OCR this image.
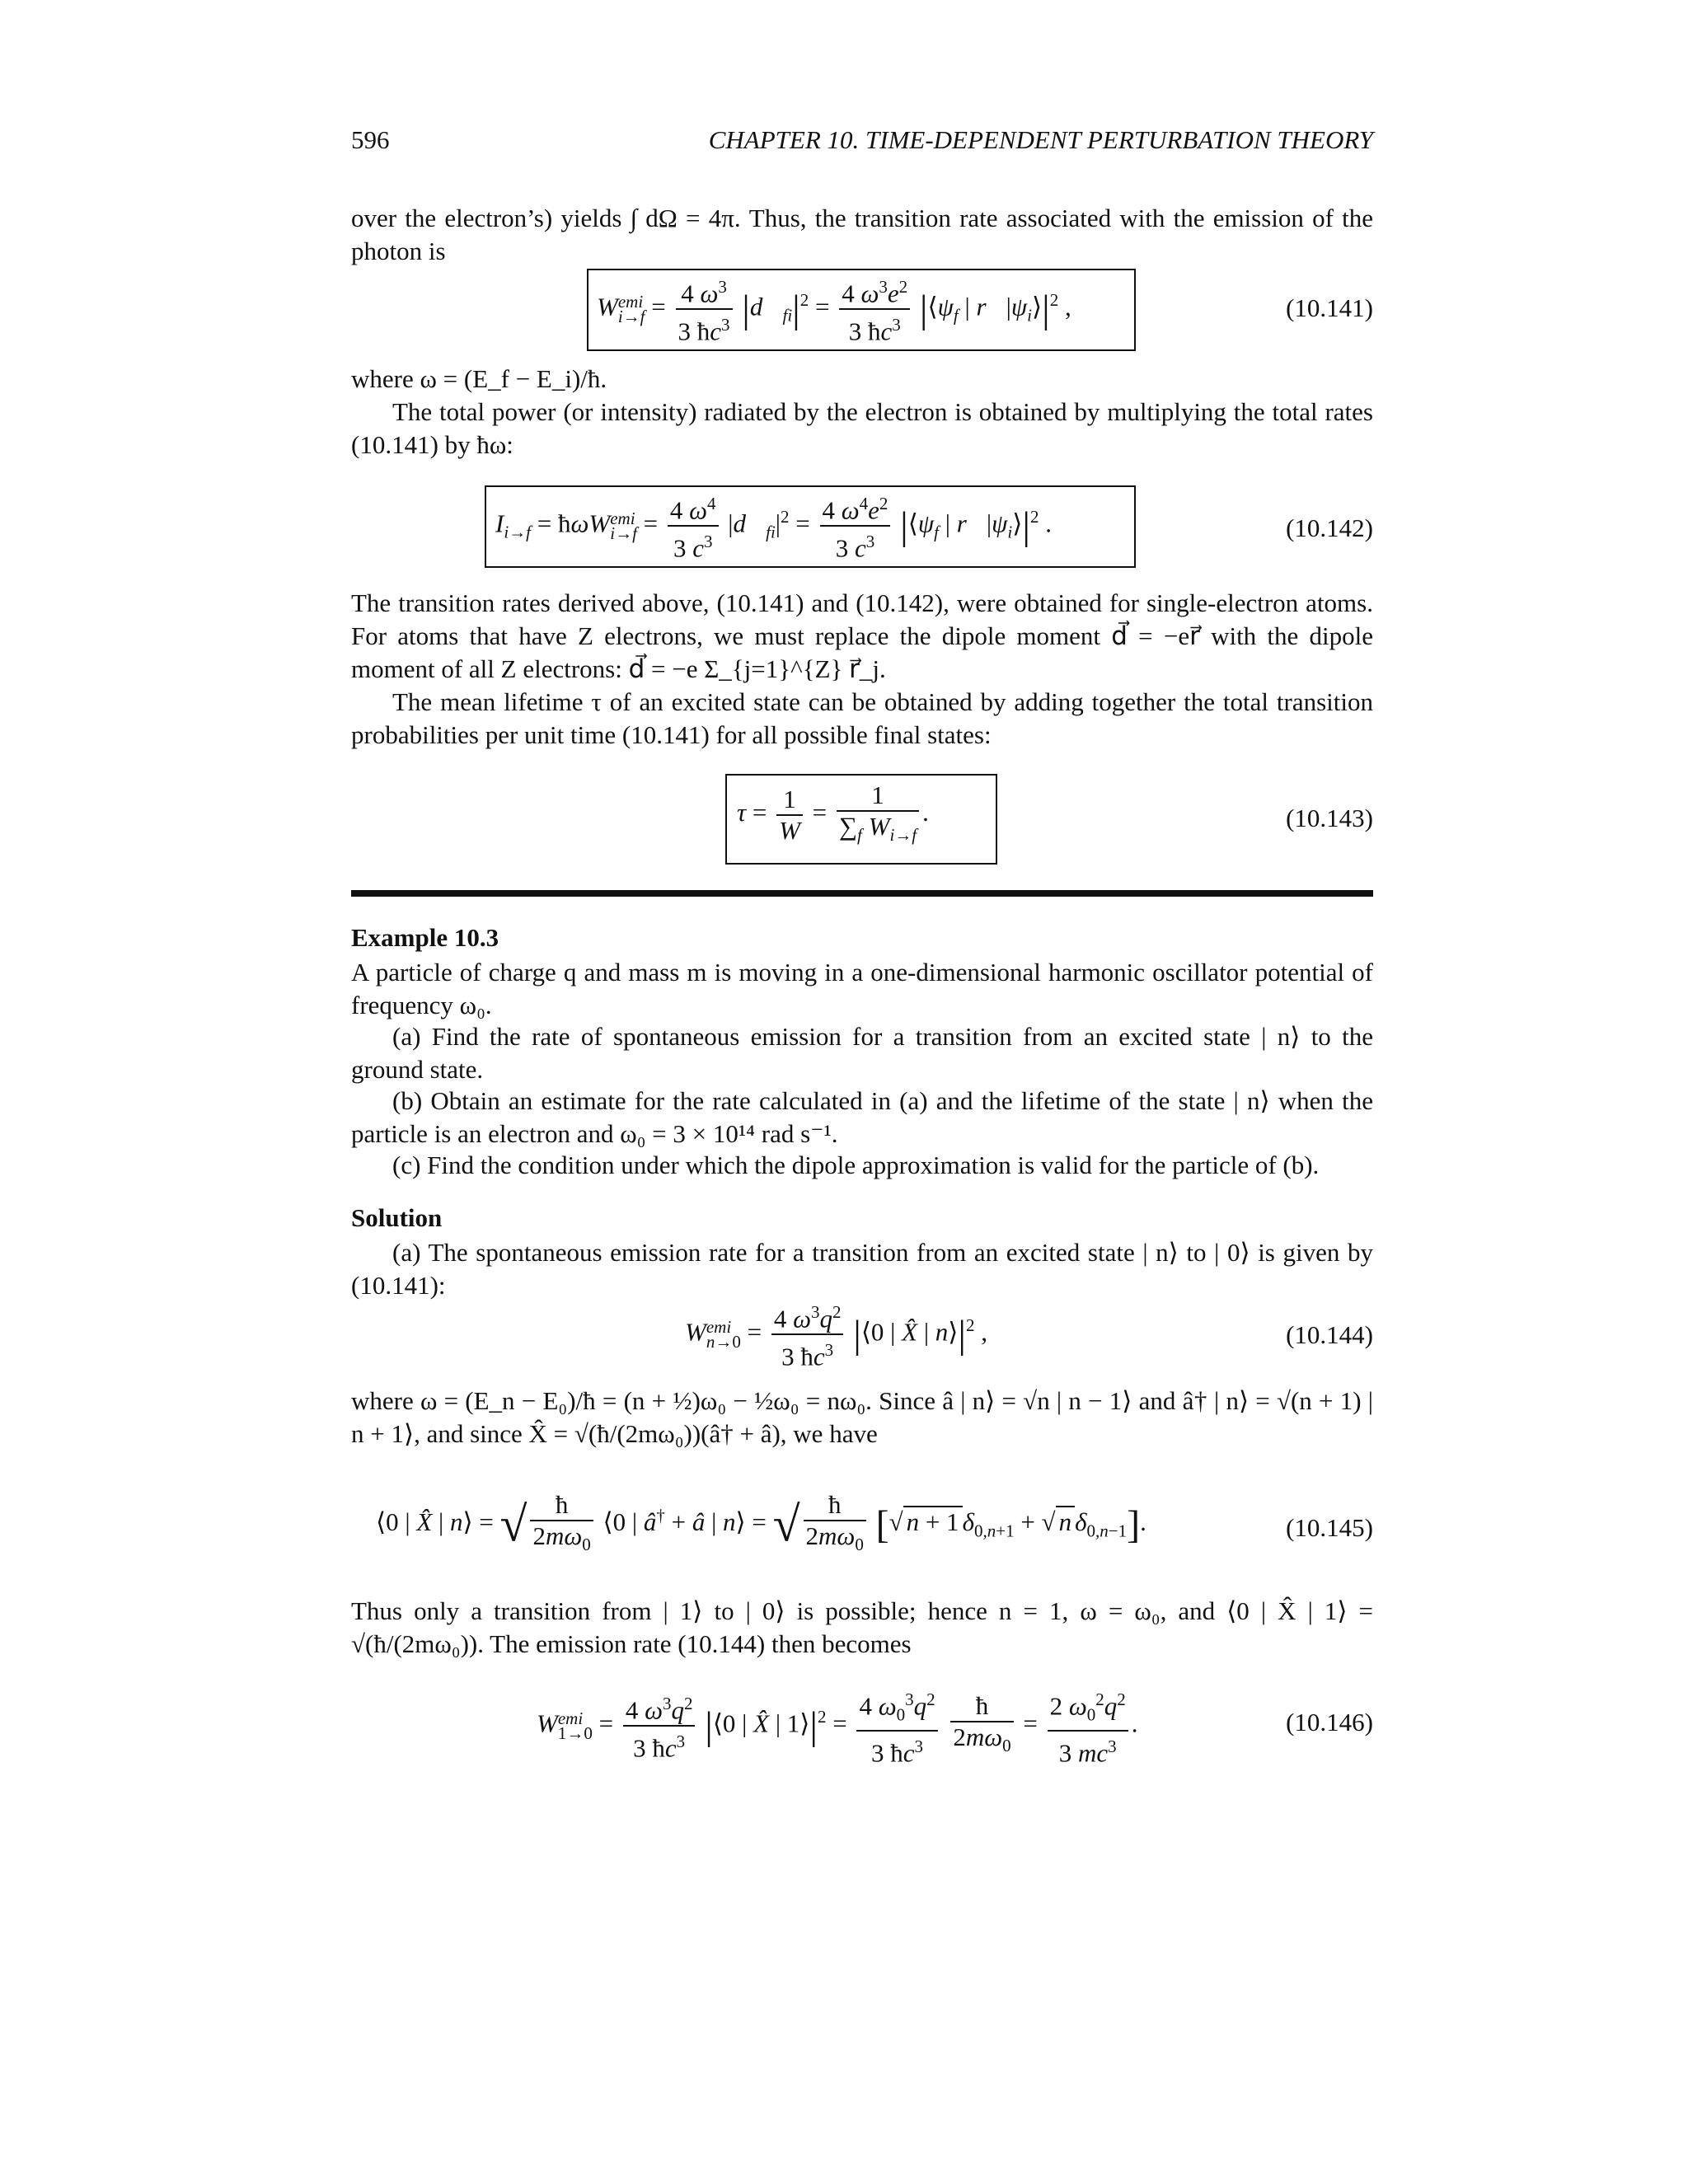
596	CHAPTER 10. TIME-DEPENDENT PERTURBATION THEORY
over the electron’s) yields ∫ dΩ = 4π. Thus, the transition rate associated with the emission of the photon is
Wemi
$i\to f = \frac{4 \omega^3}{3 ħc^3}$ $|d⃗_{fi}|^2 = \frac{4 \omega^3e^2}{3 ħc^3}$ $|⟨\psi_f$ | $r⃗|\psi_i⟩|^2$ ,	(10.141)
where ω = (E_f − E_i)/ħ.
The total power (or intensity) radiated by the electron is obtained by multiplying the total rates (10.141) by ħω:
$I_{i\to f}$ = ħωWemi
$i\to f = \frac{4 \omega^4}{3 c^3}$ $|d⃗_{fi}|^2 = \frac{4 \omega^4e^2}{3 c^3}$ $|⟨\psi_f$ | $r⃗|\psi_i⟩|^2$ .	(10.142)
The transition rates derived above, (10.141) and (10.142), were obtained for single-electron atoms. For atoms that have Z electrons, we must replace the dipole moment d⃗ = −er⃗ with the dipole moment of all Z electrons: d⃗ = −e Σ_{j=1}^{Z} r⃗_j.
The mean lifetime τ of an excited state can be obtained by adding together the total transition probabilities per unit time (10.141) for all possible final states:
$\tau = \frac{1}{W} = \frac{1}{\sum_f W_{i\to f}}$ .	(10.143)
Example 10.3
A particle of charge q and mass m is moving in a one-dimensional harmonic oscillator potential of frequency ω₀.
(a) Find the rate of spontaneous emission for a transition from an excited state | n⟩ to the ground state.
(b) Obtain an estimate for the rate calculated in (a) and the lifetime of the state | n⟩ when the particle is an electron and ω₀ = 3 × 10¹⁴ rad s⁻¹.
(c) Find the condition under which the dipole approximation is valid for the particle of (b).
Solution
(a) The spontaneous emission rate for a transition from an excited state | n⟩ to | 0⟩ is given by (10.141):
Wemi
$n\to 0 = \frac{4 \omega^3q^2}{3 ħc^3}$ |⟨0 | X̂ | $n⟩|^2$ ,	(10.144)
where ω = (E_n − E₀)/ħ = (n + ½)ω₀ − ½ω₀ = nω₀. Since â | n⟩ = √n | n − 1⟩ and â† | n⟩ = √(n + 1) | n + 1⟩, and since X̂ = √(ħ/(2mω₀))(â† + â), we have
⟨0 | X̂ | n⟩ = √ $\frac{ħ}{2m\omega_0}$ ⟨0 | â† + â | n⟩ = √ $\frac{ħ}{2m\omega_0}$ [√ n + 1 $\delta_{0,n+1}$ + √ n $\delta_{0,n-1}$].	(10.145)
Thus only a transition from | 1⟩ to | 0⟩ is possible; hence n = 1, ω = ω₀, and ⟨0 | X̂ | 1⟩ = √(ħ/(2mω₀)). The emission rate (10.144) then becomes
Wemi
$1\to 0 = \frac{4 \omega^3q^2}{3 ħc^3}$ |⟨0 | X̂ | $1⟩|^2 = \frac{4 \omega_0^3q^2}{3 ħc^3}$
$\frac{ħ}{2m\omega_0} = \frac{2 \omega_0^2q^2}{3 mc^3}$ .	(10.146)
